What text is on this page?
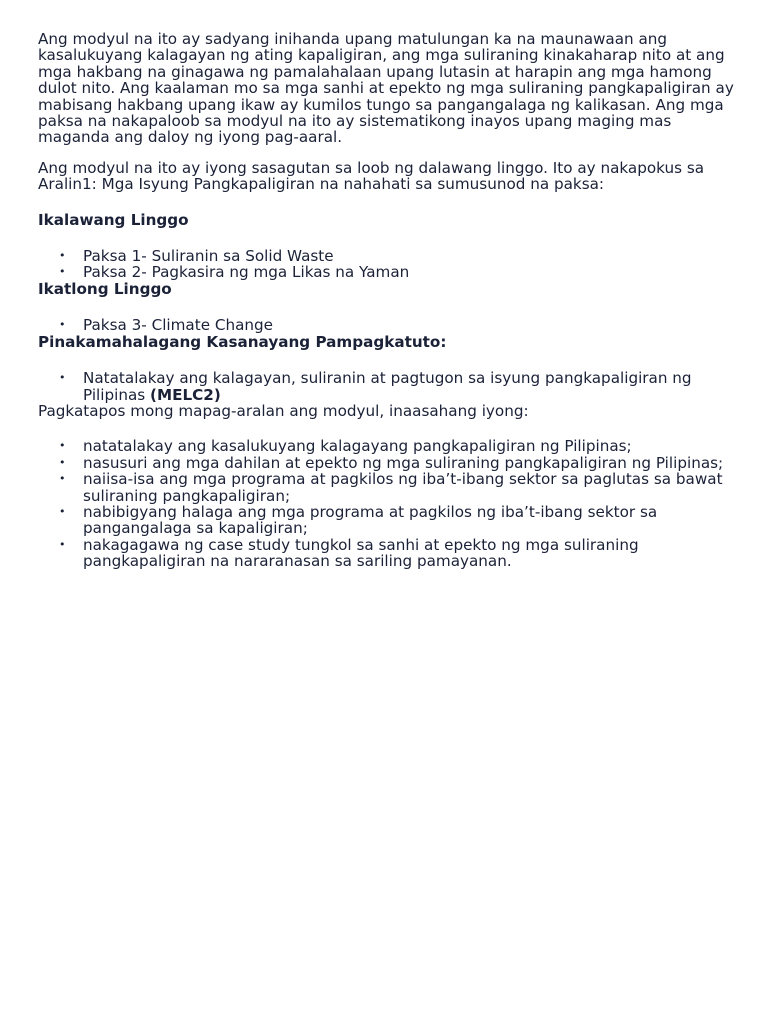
Ang modyul na ito ay sadyang inihanda upang matulungan ka na maunawaan ang kasalukuyang kalagayan ng ating kapaligiran, ang mga suliraning kinakaharap nito at ang mga hakbang na ginagawa ng pamalahalaan upang lutasin at harapin ang mga hamong dulot nito. Ang kaalaman mo sa mga sanhi at epekto ng mga suliraning pangkapaligiran ay mabisang hakbang upang ikaw ay kumilos tungo sa pangangalaga ng kalikasan. Ang mga paksa na nakapaloob sa modyul na ito ay sistematikong inayos upang maging mas maganda ang daloy ng iyong pag-aaral.

Ang modyul na ito ay iyong sasagutan sa loob ng dalawang linggo. Ito ay nakapokus sa Aralin1: Mga Isyung Pangkapaligiran na nahahati sa sumusunod na paksa:

Ikalawang Linggo

• Paksa 1- Suliranin sa Solid Waste
• Paksa 2- Pagkasira ng mga Likas na Yaman

Ikatlong Linggo

• Paksa 3- Climate Change

Pinakamahalagang Kasanayang Pampagkatuto:

• Natatalakay ang kalagayan, suliranin at pagtugon sa isyung pangkapaligiran ng Pilipinas (MELC2)

Pagkatapos mong mapag-aralan ang modyul, inaasahang iyong:

• natatalakay ang kasalukuyang kalagayang pangkapaligiran ng Pilipinas;
• nasusuri ang mga dahilan at epekto ng mga suliraning pangkapaligiran ng Pilipinas;
• naiisa-isa ang mga programa at pagkilos ng iba’t-ibang sektor sa paglutas sa bawat suliraning pangkapaligiran;
• nabibigyang halaga ang mga programa at pagkilos ng iba’t-ibang sektor sa pangangalaga sa kapaligiran;
• nakagagawa ng case study tungkol sa sanhi at epekto ng mga suliraning pangkapaligiran na nararanasan sa sariling pamayanan.
